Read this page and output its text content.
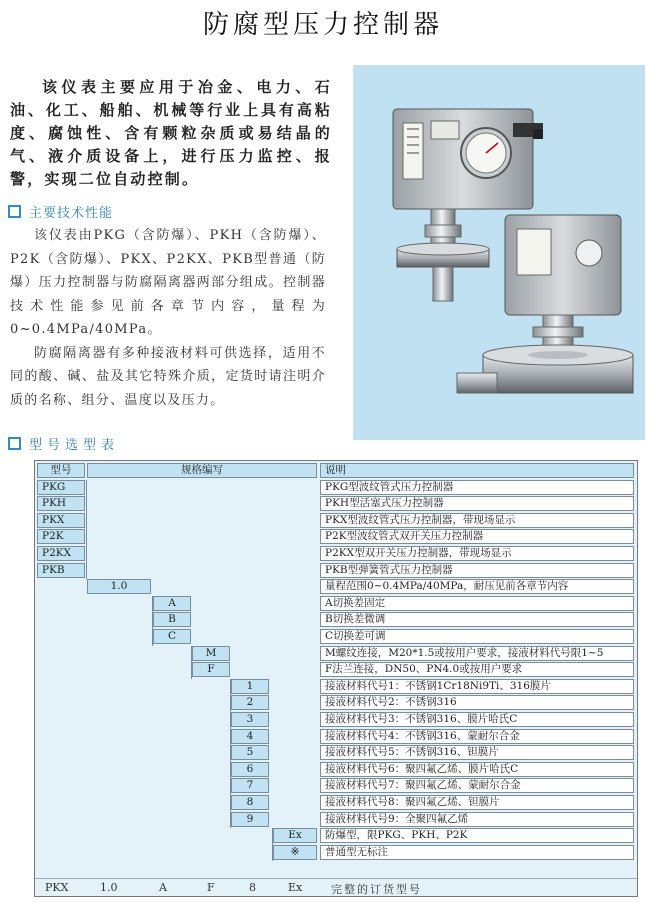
防腐型压力控制器

该仪表主要应用于冶金、电力、石油、化工、船舶、机械等行业上具有高粘度、腐蚀性、含有颗粒杂质或易结晶的气、液介质设备上，进行压力监控、报警，实现二位自动控制。

主要技术性能

该仪表由PKG（含防爆）、PKH（含防爆）、P2K（含防爆）、PKX、P2KX、PKB型普通（防爆）压力控制器与防腐隔离器两部分组成。控制器技术性能参见前各章节内容，量程为0~0.4MPa/40MPa。

防腐隔离器有多种接液材料可供选择，适用不同的酸、碱、盐及其它特殊介质，定货时请注明介质的名称、组分、温度以及压力。

型号选型表
型号	规格编写	说明
PKG	PKG型波纹管式压力控制器
PKH	PKH型活塞式压力控制器
PKX	PKX型波纹管式压力控制器，带现场显示
P2K	P2K型波纹管式双开关压力控制器
P2KX	P2KX型双开关压力控制器，带现场显示
PKB	PKB型弹簧管式压力控制器
1.0	量程范围0~0.4MPa/40MPa，耐压见前各章节内容
A	A切换差固定
B	B切换差微调
C	C切换差可调
M	M螺纹连接，M20*1.5或按用户要求，接液材料代号限1~5
F	F法兰连接，DN50、PN4.0或按用户要求
1	接液材料代号1：不锈钢1Cr18Ni9Ti、316膜片
2	接液材料代号2：不锈钢316
3	接液材料代号3：不锈钢316、膜片哈氏C
4	接液材料代号4：不锈钢316、蒙耐尔合金
5	接液材料代号5：不锈钢316、钽膜片
6	接液材料代号6：聚四氟乙烯、膜片哈氏C
7	接液材料代号7：聚四氟乙烯、蒙耐尔合金
8	接液材料代号8：聚四氟乙烯、钽膜片
9	接液材料代号9：全聚四氟乙烯
Ex	防爆型，限PKG、PKH、P2K
※	普通型无标注
PKX	1.0	A	F	8	Ex	完整的订货型号
